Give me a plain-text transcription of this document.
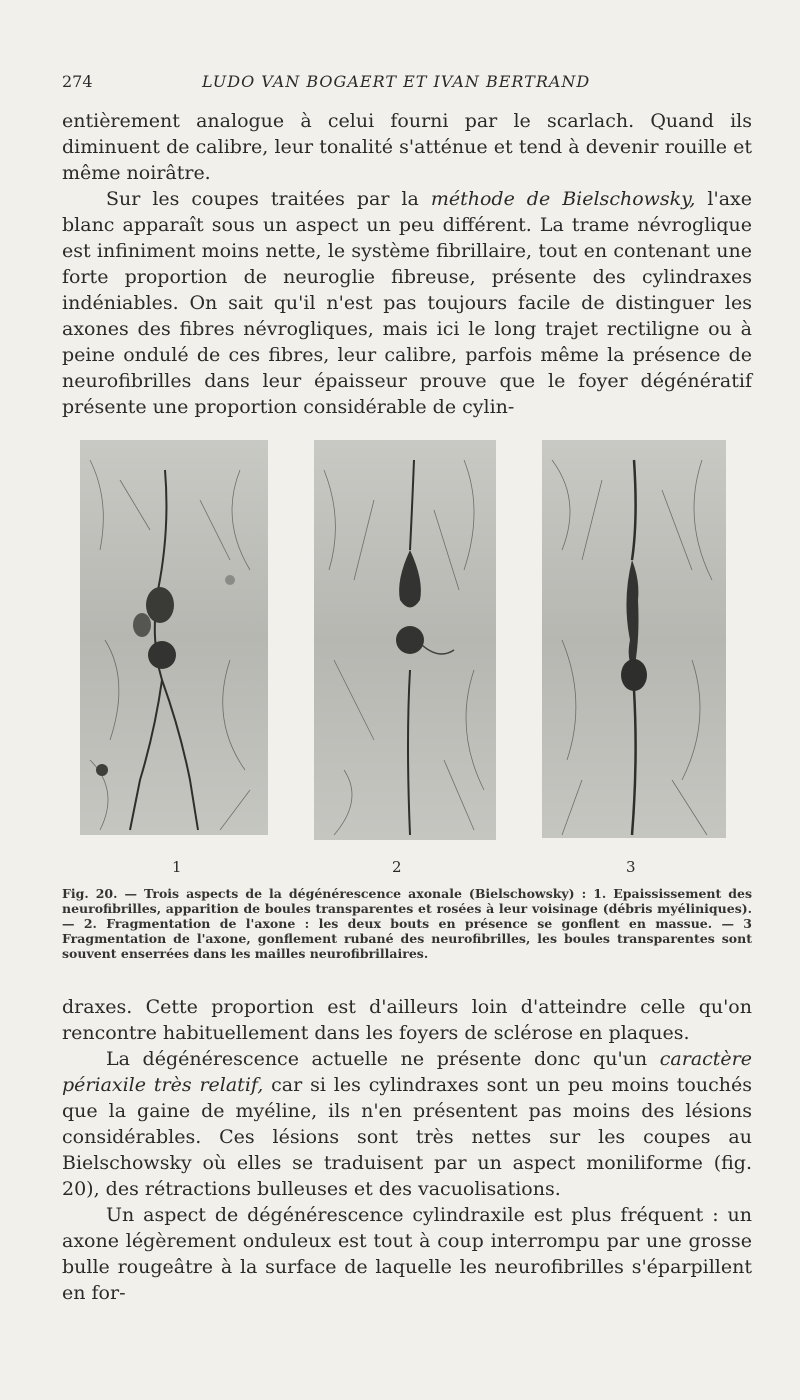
274	LUDO VAN BOGAERT ET IVAN BERTRAND

entièrement analogue à celui fourni par le scarlach. Quand ils diminuent de calibre, leur tonalité s'atténue et tend à devenir rouille et même noirâtre.

Sur les coupes traitées par la méthode de Bielschowsky, l'axe blanc apparaît sous un aspect un peu différent. La trame névroglique est infiniment moins nette, le système fibrillaire, tout en contenant une forte proportion de neuroglie fibreuse, présente des cylindraxes indéniables. On sait qu'il n'est pas toujours facile de distinguer les axones des fibres névrogliques, mais ici le long trajet rectiligne ou à peine ondulé de ces fibres, leur calibre, parfois même la présence de neurofibrilles dans leur épaisseur prouve que le foyer dégénératif présente une proportion considérable de cylin-

1	2	3

Fig. 20. — Trois aspects de la dégénérescence axonale (Bielschowsky) : 1. Epaississement des neurofibrilles, apparition de boules transparentes et rosées à leur voisinage (débris myéliniques). — 2. Fragmentation de l'axone : les deux bouts en présence se gonflent en massue. — 3 Fragmentation de l'axone, gonflement rubané des neurofibrilles, les boules transparentes sont souvent enserrées dans les mailles neurofibrillaires.

draxes. Cette proportion est d'ailleurs loin d'atteindre celle qu'on rencontre habituellement dans les foyers de sclérose en plaques.

La dégénérescence actuelle ne présente donc qu'un caractère périaxile très relatif, car si les cylindraxes sont un peu moins touchés que la gaine de myéline, ils n'en présentent pas moins des lésions considérables. Ces lésions sont très nettes sur les coupes au Bielschowsky où elles se traduisent par un aspect moniliforme (fig. 20), des rétractions bulleuses et des vacuolisations.

Un aspect de dégénérescence cylindraxile est plus fréquent : un axone légèrement onduleux est tout à coup interrompu par une grosse bulle rougeâtre à la surface de laquelle les neurofibrilles s'éparpillent en for-
